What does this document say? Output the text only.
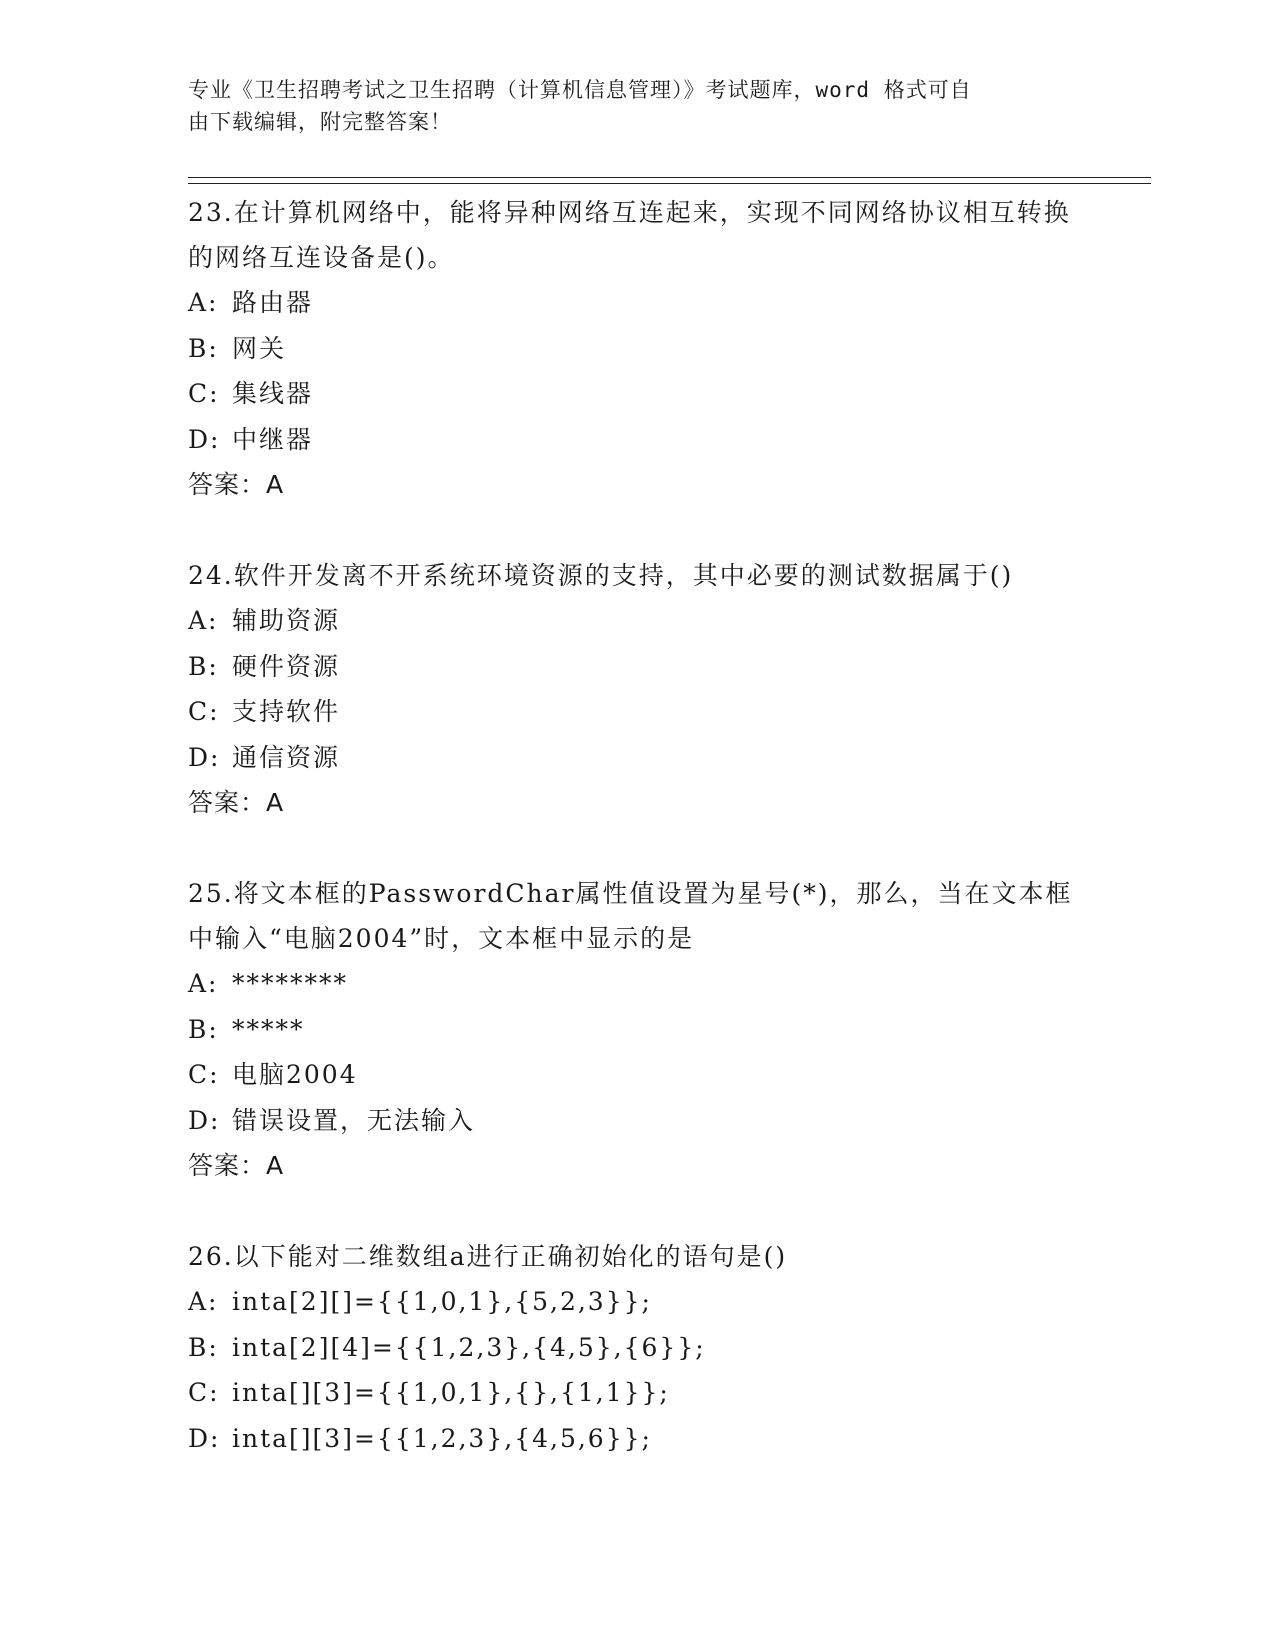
专业《卫生招聘考试之卫生招聘（计算机信息管理）》考试题库，word 格式可自
由下载编辑，附完整答案！

23.在计算机网络中，能将异种网络互连起来，实现不同网络协议相互转换的网络互连设备是()。

A: 路由器

B: 网关

C: 集线器

D: 中继器

答案：A

24.软件开发离不开系统环境资源的支持，其中必要的测试数据属于()

A: 辅助资源

B: 硬件资源

C: 支持软件

D: 通信资源

答案：A

25.将文本框的PasswordChar属性值设置为星号(*)，那么，当在文本框中输入“电脑2004”时，文本框中显示的是

A: ********

B: *****

C: 电脑2004

D: 错误设置，无法输入

答案：A

26.以下能对二维数组a进行正确初始化的语句是()

A: inta[2][]={{1,0,1},{5,2,3}};

B: inta[2][4]={{1,2,3},{4,5},{6}};

C: inta[][3]={{1,0,1},{},{1,1}};

D: inta[][3]={{1,2,3},{4,5,6}};
